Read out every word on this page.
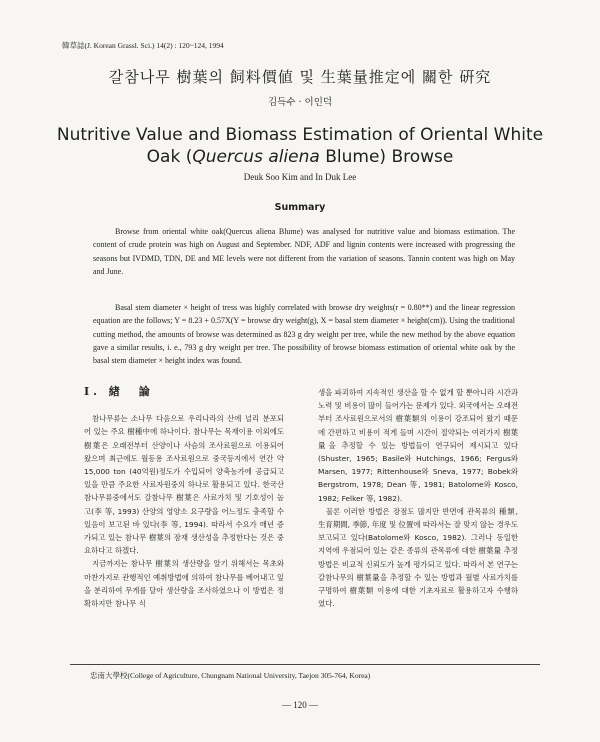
韓草誌(J. Korean Grassl. Sci.) 14(2) : 120~124, 1994
갈참나무 樹葉의 飼料價値 및 生葉量推定에 關한 硏究
김득수 · 이인덕
Nutritive Value and Biomass Estimation of Oriental White
Oak (Quercus aliena Blume) Browse
Deuk Soo Kim and In Duk Lee
Summary

Browse from oriental white oak(Quercus aliena Blume) was analysed for nutritive value and biomass estimation. The content of crude protein was high on August and September. NDF, ADF and lignin contents were increased with progressing the seasons but IVDMD, TDN, DE and ME levels were not different from the variation of seasons. Tannin content was high on May and June.

Basal stem diameter × height of tress was highly correlated with browse dry weights(r = 0.80**) and the linear regression equation are the follows; Y = 8.23 + 0.57X(Y = browse dry weight(g), X = basal stem diameter × height(cm)). Using the traditional cutting method, the amounts of browse was determined as 823 g dry weight per tree, while the new method by the above equation gave a similar results, i. e., 793 g dry weight per tree. The possibility of browse biomass estimation of oriental white oak by the basal stem diameter × height index was found.

I. 緖　論

참나무류는 소나무 다음으로 우리나라의 산에 널리 분포되어 있는 주요 樹種中에 하나이다. 참나무는 목재이용 이외에도 樹葉은 오래전부터 산양이나 사슴의 조사료원으로 이용되어 왔으며 최근에도 월동용 조사료원으로 중국등지에서 연간 약 15,000 ton (40억원)정도가 수입되어 양축농가에 공급되고 있을 만큼 주요한 사료자원중의 하나로 활용되고 있다. 한국산 참나무류중에서도 갈참나무 樹葉은 사료가치 및 기호성이 높고(李 等, 1993) 산양의 영양소 요구량을 어느정도 충족할 수 있음이 보고된 바 있다(李 等, 1994). 따라서 수요가 매년 증가되고 있는 참나무 樹葉의 잠재 생산성을 추정한다는 것은 중요하다고 하겠다.

지금까지는 참나무 樹葉의 생산량을 알기 위해서는 목초와 마찬가지로 관행적인 예취방법에 의하여 참나무를 베어내고 잎을 분리하여 무게를 달아 생산량을 조사하였으나 이 방법은 정확하지만 참나무 식

생을 파괴하여 지속적인 생산을 할 수 없게 할 뿐아니라 시간과 노력 및 비용이 많이 들어가는 문제가 있다. 외국에서는 오래전부터 조사료원으로서의 樹葉類의 이용이 강조되어 왔기 때문에 간편하고 비용이 적게 들며 시간이 절약되는 여러가지 樹葉量을 추정할 수 있는 방법들이 연구되어 제시되고 있다(Shuster, 1965; Basile와 Hutchings, 1966; Fergus와 Marsen, 1977; Rittenhouse와 Sneva, 1977; Bobek와 Bergstrom, 1978; Dean 等, 1981; Batolome와 Kosco, 1982; Felker 等, 1982).

물론 이러한 방법은 장점도 많지만 반면에 관목류의 種類, 生育期間, 季節, 年度 및 位置에 따라서는 잘 맞지 않는 경우도 보고되고 있다(Batolome와 Kosco, 1982). 그러나 동일한 지역에 우점되어 있는 같은 종류의 관목류에 대한 樹葉量 추정방법은 비교적 신뢰도가 높게 평가되고 있다. 따라서 본 연구는 갈참나무의 樹葉量을 추정할 수 있는 방법과 월별 사료가치를 구명하여 樹葉類 이용에 대한 기초자료로 활용하고자 수행하였다.

忠南大學校(College of Agriculture, Chungnam National University, Taejon 305-764, Korea)
— 120 —
